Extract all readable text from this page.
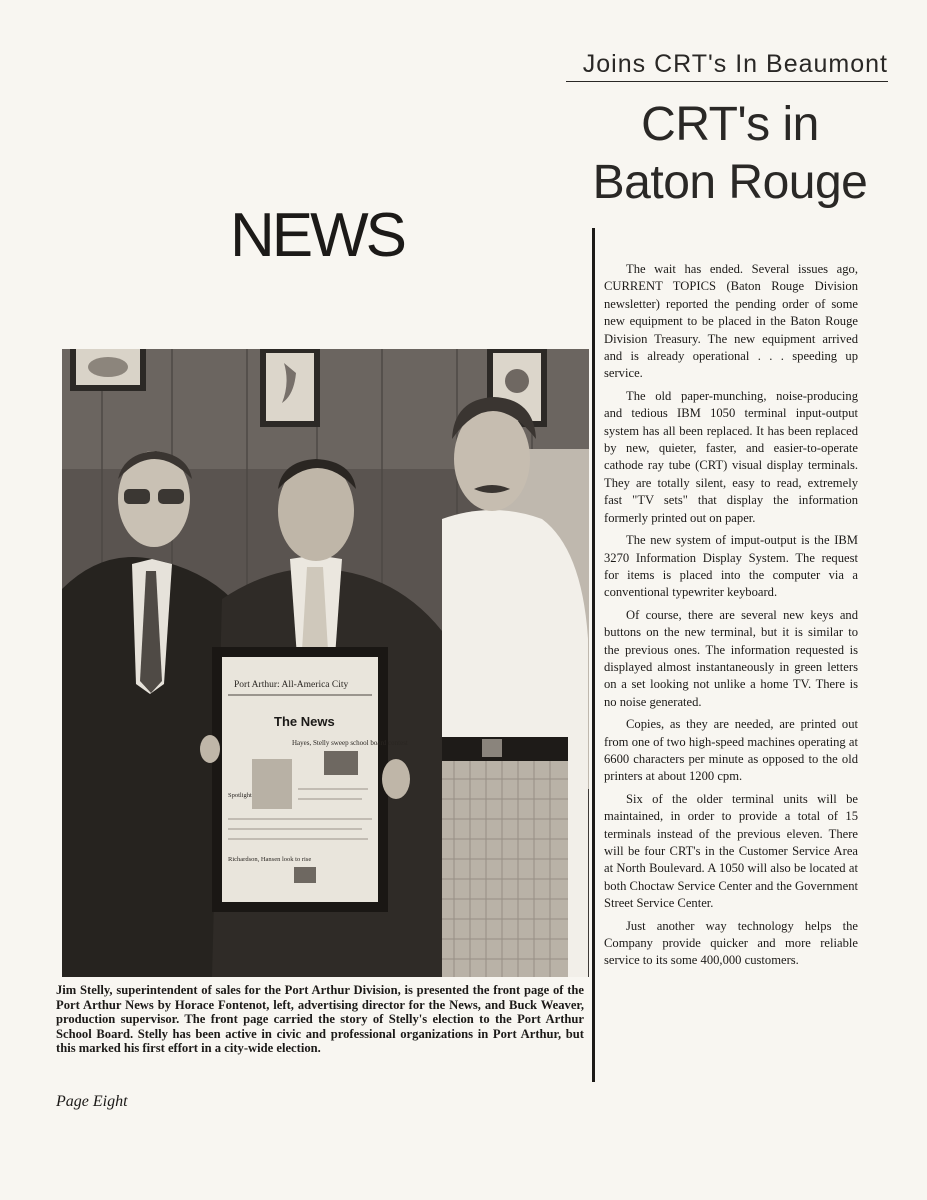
Joins CRT's In Beaumont
CRT's in
Baton Rouge
NEWS	The wait has ended. Several issues ago, CURRENT TOPICS (Baton Rouge Division newsletter) reported the pending order of some new equipment to be placed in the Baton Rouge Division Treasury. The new equipment arrived and is already operational . . . speeding up service.

The old paper-munching, noise-producing and tedious IBM 1050 terminal input-output system has all been replaced. It has been replaced by new, quieter, faster, and easier-to-operate cathode ray tube (CRT) visual display terminals. They are totally silent, easy to read, extremely fast "TV sets" that display the information formerly printed out on paper.

The new system of imput-output is the IBM 3270 Information Display System. The request for items is placed into the computer via a conventional typewriter keyboard.

Of course, there are several new keys and buttons on the new terminal, but it is similar to the previous ones. The information requested is displayed almost instantaneously in green letters on a set looking not unlike a home TV. There is no noise generated.

Copies, as they are needed, are printed out from one of two high-speed machines operating at 6600 characters per minute as opposed to the old printers at about 1200 cpm.

Six of the older terminal units will be maintained, in order to provide a total of 15 terminals instead of the previous eleven. There will be four CRT's in the Customer Service Area at North Boulevard. A 1050 will also be located at both Choctaw Service Center and the Government Street Service Center.

Just another way technology helps the Company provide quicker and more reliable service to its some 400,000 customers.

Port Arthur: All-America City
The News
Hayes, Stelly sweep school board contest
Spotlight
Richardson, Hansen look to rise
Jim Stelly, superintendent of sales for the Port Arthur Division, is presented the front page of the Port Arthur News by Horace Fontenot, left, advertising director for the News, and Buck Weaver, production supervisor. The front page carried the story of Stelly's election to the Port Arthur School Board. Stelly has been active in civic and professional organizations in Port Arthur, but this marked his first effort in a city-wide election.
Page Eight
